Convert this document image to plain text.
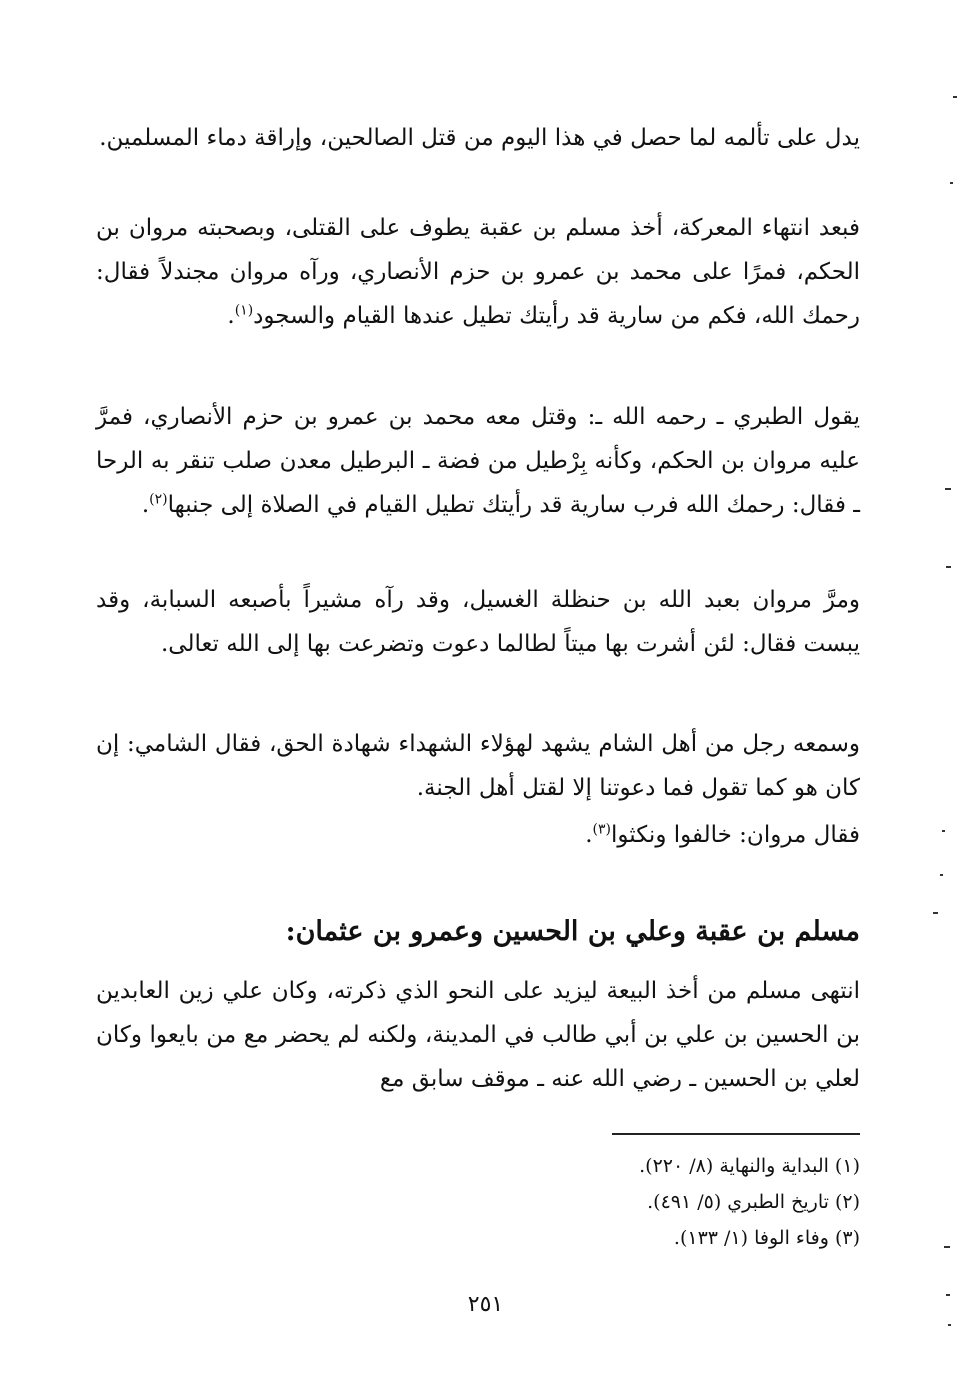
يدل على تألمه لما حصل في هذا اليوم من قتل الصالحين، وإراقة دماء المسلمين.

فبعد انتهاء المعركة، أخذ مسلم بن عقبة يطوف على القتلى، وبصحبته مروان بن الحكم، فمرًا على محمد بن عمرو بن حزم الأنصاري، ورآه مروان مجندلاً فقال: رحمك الله، فكم من سارية قد رأيتك تطيل عندها القيام والسجود$^{(١)}$.

يقول الطبري ـ رحمه الله ـ: وقتل معه محمد بن عمرو بن حزم الأنصاري، فمرَّ عليه مروان بن الحكم، وكأنه بِرْطيل من فضة ـ البرطيل معدن صلب تنقر به الرحا ـ فقال: رحمك الله فرب سارية قد رأيتك تطيل القيام في الصلاة إلى جنبها$^{(٢)}$.

ومرَّ مروان بعبد الله بن حنظلة الغسيل، وقد رآه مشيراً بأصبعه السبابة، وقد يبست فقال: لئن أشرت بها ميتاً لطالما دعوت وتضرعت بها إلى الله تعالى.

وسمعه رجل من أهل الشام يشهد لهؤلاء الشهداء شهادة الحق، فقال الشامي: إن كان هو كما تقول فما دعوتنا إلا لقتل أهل الجنة.

فقال مروان: خالفوا ونكثوا$^{(٣)}$.

مسلم بن عقبة وعلي بن الحسين وعمرو بن عثمان:

انتهى مسلم من أخذ البيعة ليزيد على النحو الذي ذكرته، وكان علي زين العابدين بن الحسين بن علي بن أبي طالب في المدينة، ولكنه لم يحضر مع من بايعوا وكان لعلي بن الحسين ـ رضي الله عنه ـ موقف سابق مع

(١) البداية والنهاية (٨/ ٢٢٠).
(٢) تاريخ الطبري (٥/ ٤٩١).
(٣) وفاء الوفا (١/ ١٣٣).
٢٥١
